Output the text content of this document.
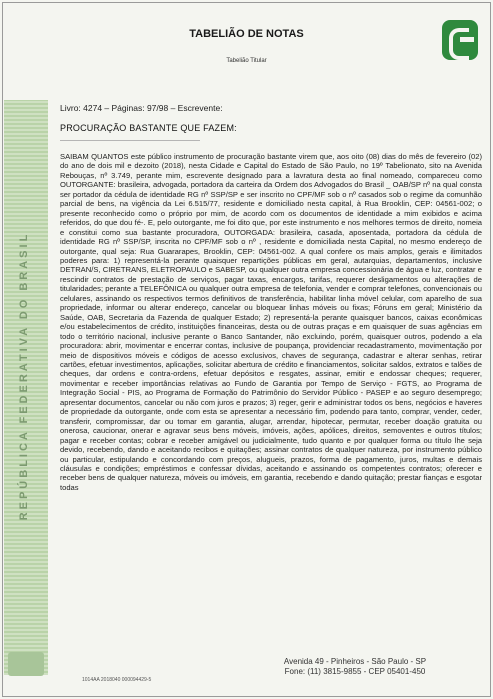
REPÚBLICA FEDERATIVA DO BRASIL
TABELIÃO DE NOTAS
Tabelião Titular
Livro: 4274 – Páginas: 97/98 – Escrevente:
PROCURAÇÃO BASTANTE QUE FAZEM:

SAIBAM QUANTOS este público instrumento de procuração bastante virem que, aos oito (08) dias do mês de fevereiro (02) do ano de dois mil e dezoito (2018), nesta Cidade e Capital do Estado de São Paulo, no 19º Tabelionato, sito na Avenida Rebouças, nº 3.749, perante mim, escrevente designado para a lavratura desta ao final nomeado, compareceu como OUTORGANTE: brasileira, advogada, portadora da carteira da Ordem dos Advogados do Brasil _ OAB/SP nº na qual consta ser portador da cédula de identidade RG nº SSP/SP e ser inscrito no CPF/MF sob o nº casados sob o regime da comunhão parcial de bens, na vigência da Lei 6.515/77, residente e domiciliado nesta capital, à Rua Brooklin, CEP: 04561-002; o presente reconhecido como o próprio por mim, de acordo com os documentos de identidade a mim exibidos e acima referidos, do que dou fé-. E, pelo outorgante, me foi dito que, por este instrumento e nos melhores termos de direito, nomeia e constitui como sua bastante procuradora, OUTORGADA: brasileira, casada, aposentada, portadora da cédula de identidade RG nº SSP/SP, inscrita no CPF/MF sob o nº , residente e domiciliada nesta Capital, no mesmo endereço de outorgante, qual seja: Rua Guararapes, Brooklin, CEP: 04561-002. A qual confere os mais amplos, gerais e ilimitados poderes para: 1) representá-la perante quaisquer repartições públicas em geral, autarquias, departamentos, inclusive DETRAN/S, CIRETRANS, ELETROPAULO e SABESP, ou qualquer outra empresa concessionária de água e luz, contratar e rescindir contratos de prestação de serviços, pagar taxas, encargos, tarifas, requerer desligamentos ou alterações de titularidades; perante a TELEFÔNICA ou qualquer outra empresa de telefonia, vender e comprar telefones, convencionais ou celulares, assinando os respectivos termos definitivos de transferência, habilitar linha móvel celular, com aparelho de sua propriedade, informar ou alterar endereço, cancelar ou bloquear linhas móveis ou fixas; Fóruns em geral; Ministério da Saúde, OAB, Secretaria da Fazenda de qualquer Estado; 2) representá-la perante quaisquer bancos, caixas econômicas e/ou estabelecimentos de crédito, instituições financeiras, desta ou de outras praças e em quaisquer de suas agências em todo o território nacional, inclusive perante o Banco Santander, não excluindo, porém, quaisquer outros, podendo a ela procuradora: abrir, movimentar e encerrar contas, inclusive de poupança, providenciar recadastramento, movimentação por meio de dispositivos móveis e códigos de acesso exclusivos, chaves de segurança, cadastrar e alterar senhas, retirar cartões, efetuar investimentos, aplicações, solicitar abertura de crédito e financiamentos, solicitar saldos, extratos e talões de cheques, dar ordens e contra-ordens, efetuar depósitos e resgates, assinar, emitir e endossar cheques; requerer, movimentar e receber importâncias relativas ao Fundo de Garantia por Tempo de Serviço - FGTS, ao Programa de Integração Social - PIS, ao Programa de Formação do Patrimônio do Servidor Público - PASEP e ao seguro desemprego; apresentar documentos, cancelar ou não com juros e prazos; 3) reger, gerir e administrar todos os bens, negócios e haveres de propriedade da outorgante, onde com esta se apresentar a necessário fim, podendo para tanto, comprar, vender, ceder, transferir, compromissar, dar ou tomar em garantia, alugar, arrendar, hipotecar, permutar, receber doação gratuita ou onerosa, caucionar, onerar e agravar seus bens móveis, imóveis, ações, apólices, direitos, semoventes e outros títulos; pagar e receber contas; cobrar e receber amigável ou judicialmente, tudo quanto e por qualquer forma ou título lhe seja devido, recebendo, dando e aceitando recibos e quitações; assinar contratos de qualquer natureza, por instrumento público ou particular, estipulando e concordando com preços, alugueis, prazos, forma de pagamento, juros, multas e demais cláusulas e condições; empréstimos e confessar dívidas, aceitando e assinando os competentes contratos; oferecer e receber bens de qualquer natureza, móveis ou imóveis, em garantia, recebendo e dando quitação; prestar fianças e esgotar todas

Avenida 49 - Pinheiros - São Paulo - SP
Fone: (11) 3815-9855 - CEP 05401-450
1014AA 2018040 000094429-5
